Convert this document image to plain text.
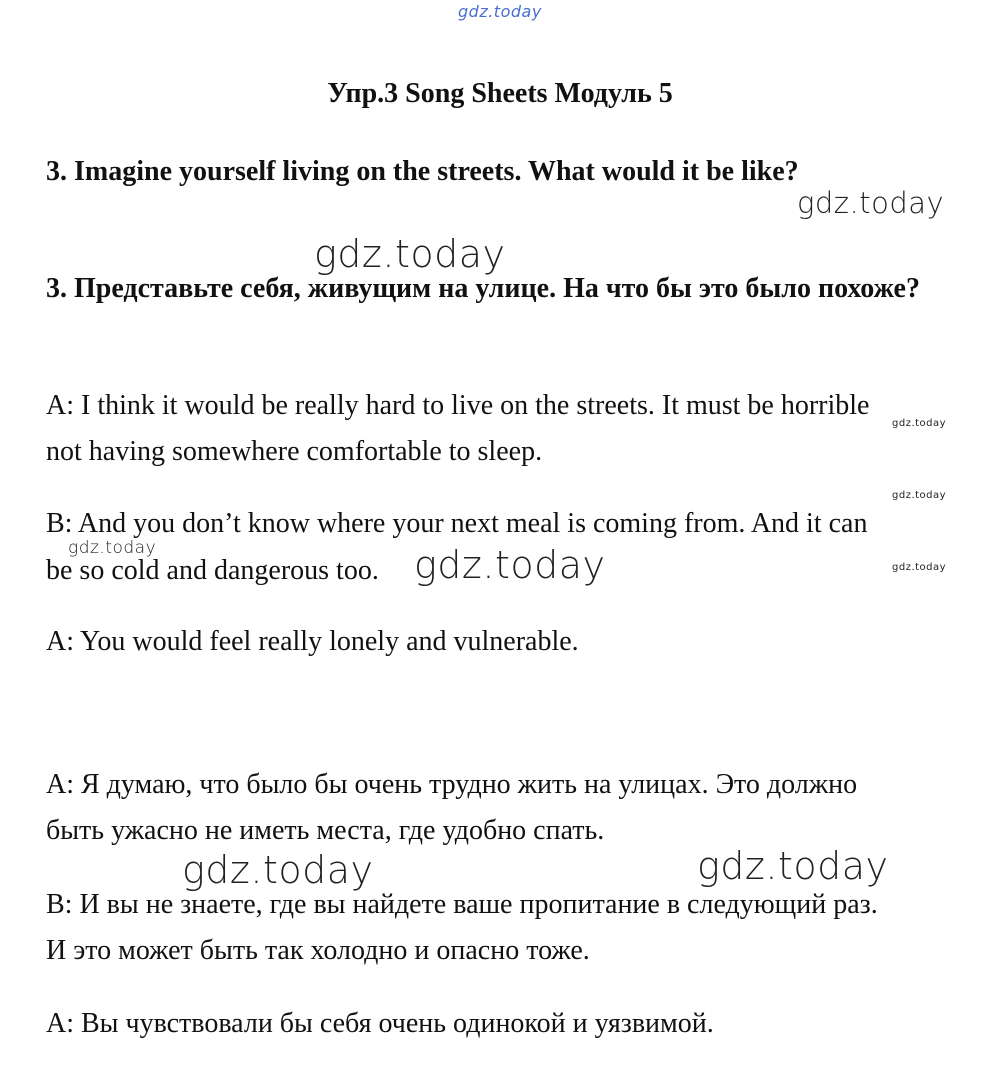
gdz.today
Упр.3 Song Sheets Модуль 5
3. Imagine yourself living on the streets. What would it be like?
gdz.today
gdz.today
3. Представьте себя, живущим на улице. На что бы это было похоже?
A: I think it would be really hard to live on the streets. It must be horrible
gdz.today
not having somewhere comfortable to sleep.
gdz.today
B: And you don’t know where your next meal is coming from. And it can
gdz.today
be so cold and dangerous too. gdz.today	gdz.today
A: You would feel really lonely and vulnerable.
А: Я думаю, что было бы очень трудно жить на улицах. Это должно
быть ужасно не иметь места, где удобно спать.
gdz.today	gdz.today
В: И вы не знаете, где вы найдете ваше пропитание в следующий раз.
И это может быть так холодно и опасно тоже.
А: Вы чувствовали бы себя очень одинокой и уязвимой.
